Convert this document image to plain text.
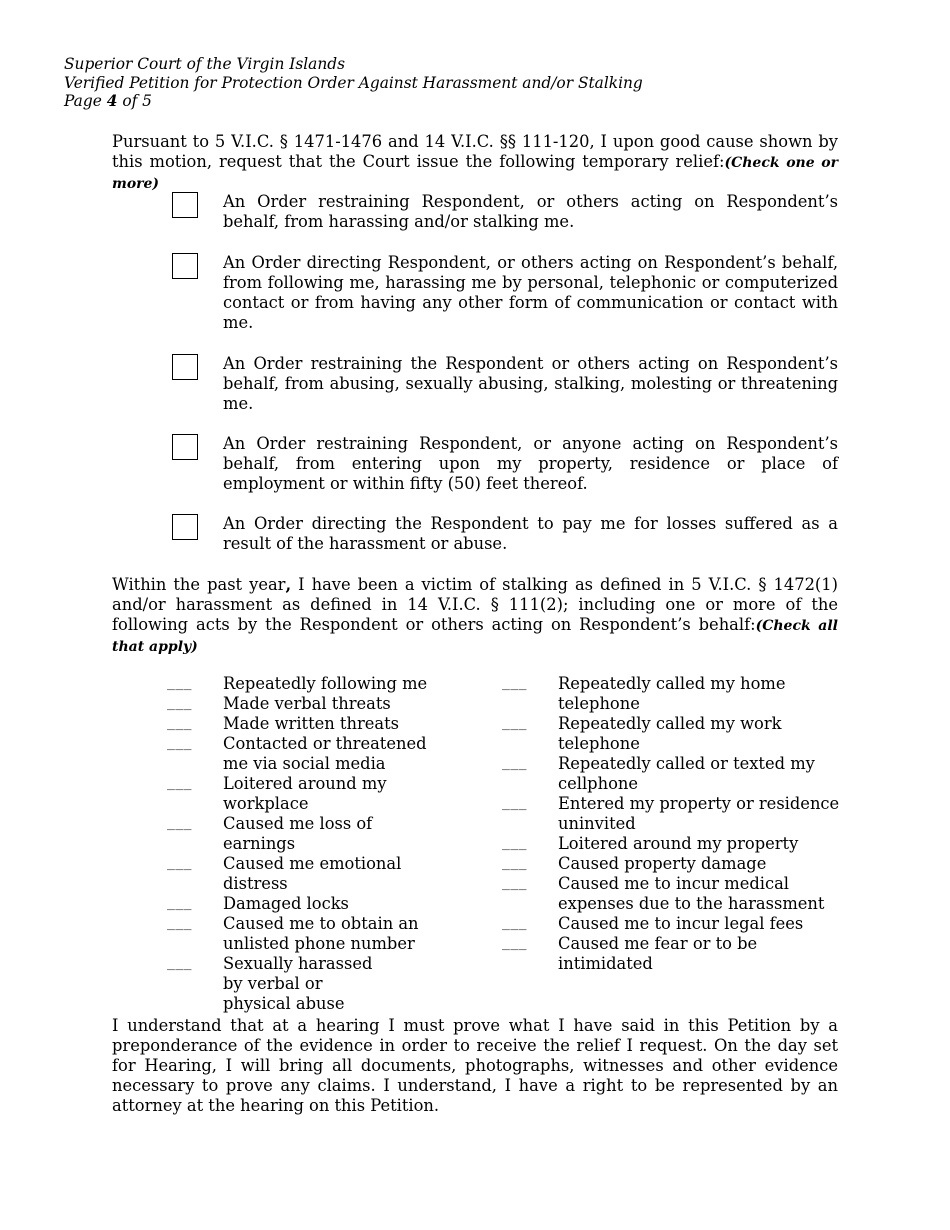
Superior Court of the Virgin Islands
Verified Petition for Protection Order Against Harassment and/or Stalking
Page 4 of 5
Pursuant to 5 V.I.C. § 1471-1476 and 14 V.I.C. §§ 111-120, I upon good cause shown by this motion, request that the Court issue the following temporary relief:(Check one or more)
An Order restraining Respondent, or others acting on Respondent’s behalf, from harassing and/or stalking me.
An Order directing Respondent, or others acting on Respondent’s behalf, from following me, harassing me by personal, telephonic or computerized contact or from having any other form of communication or contact with me.
An Order restraining the Respondent or others acting on Respondent’s behalf, from abusing, sexually abusing, stalking, molesting or threatening me.
An Order restraining Respondent, or anyone acting on Respondent’s behalf, from entering upon my property, residence or place of employment or within fifty (50) feet thereof.
An Order directing the Respondent to pay me for losses suffered as a result of the harassment or abuse.
Within the past year, I have been a victim of stalking as defined in 5 V.I.C. § 1472(1) and/or harassment as defined in 14 V.I.C. § 111(2); including one or more of the following acts by the Respondent or others acting on Respondent’s behalf:(Check all that apply)
___	Repeatedly following me
___	Made verbal threats
___	Made written threats
___	Contacted or threatened me via social media
___	Loitered around my workplace
___	Caused me loss of earnings
___	Caused me emotional distress
___	Damaged locks
___	Caused me to obtain an unlisted phone number
___	Sexually harassed by verbal or physical abuse
___	Repeatedly called my home telephone
___	Repeatedly called my work telephone
___	Repeatedly called or texted my cellphone
___	Entered my property or residence uninvited
___	Loitered around my property
___	Caused property damage
___	Caused me to incur medical expenses due to the harassment
___	Caused me to incur legal fees
___	Caused me fear or to be intimidated
I understand that at a hearing I must prove what I have said in this Petition by a preponderance of the evidence in order to receive the relief I request. On the day set for Hearing, I will bring all documents, photographs, witnesses and other evidence necessary to prove any claims. I understand, I have a right to be represented by an attorney at the hearing on this Petition.
